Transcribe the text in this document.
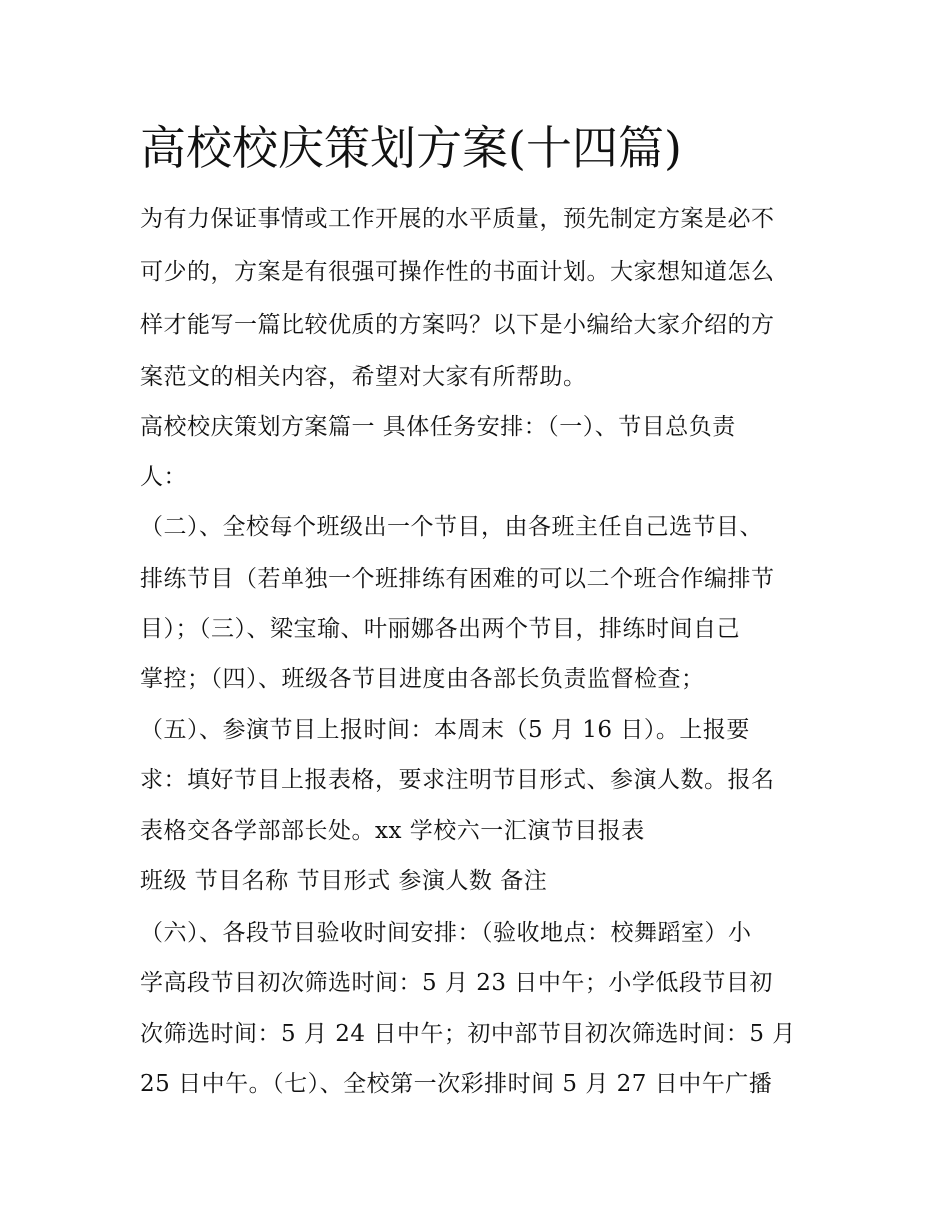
高校校庆策划方案(十四篇)
为有力保证事情或工作开展的水平质量，预先制定方案是必不
可少的，方案是有很强可操作性的书面计划。大家想知道怎么
样才能写一篇比较优质的方案吗？以下是小编给大家介绍的方
案范文的相关内容，希望对大家有所帮助。
高校校庆策划方案篇一 具体任务安排：（一）、节目总负责
人：
（二）、全校每个班级出一个节目，由各班主任自己选节目、
排练节目（若单独一个班排练有困难的可以二个班合作编排节
目）；（三）、梁宝瑜、叶丽娜各出两个节目，排练时间自己
掌控；（四）、班级各节目进度由各部长负责监督检查；
（五）、参演节目上报时间：本周末（5 月 16 日）。上报要
求：填好节目上报表格，要求注明节目形式、参演人数。报名
表格交各学部部长处。xx 学校六一汇演节目报表
班级 节目名称 节目形式 参演人数 备注
（六）、各段节目验收时间安排：（验收地点：校舞蹈室）小
学高段节目初次筛选时间：5 月 23 日中午；小学低段节目初
次筛选时间：5 月 24 日中午；初中部节目初次筛选时间：5 月
25 日中午。（七）、全校第一次彩排时间 5 月 27 日中午广播
